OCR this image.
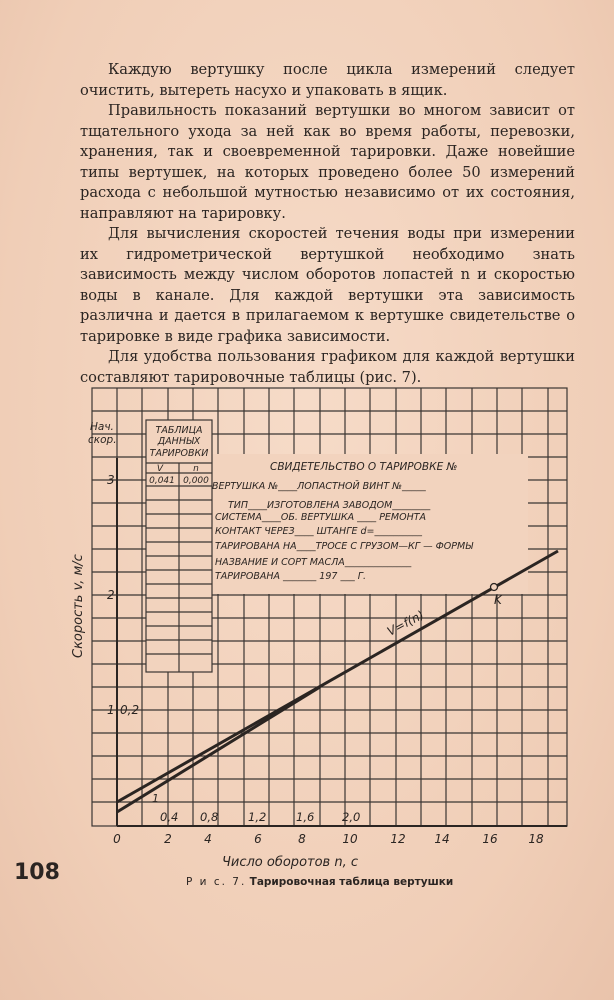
Каждую вертушку после цикла измерений следует очистить, вытереть насухо и упаковать в ящик.

Правильность показаний вертушки во многом зависит от тщательного ухода за ней как во время работы, перевозки, хранения, так и своевременной тарировки. Даже новейшие типы вертушек, на которых проведено более 50 измерений расхода с небольшой мутностью независимо от их состояния, направляют на тарировку.

Для вычисления скоростей течения воды при измерении их гидрометрической вертушкой необходимо знать зависимость между числом оборотов лопастей n и скоростью воды в канале. Для каждой вертушки эта зависимость различна и дается в прилагаемом к вертушке свидетельстве о тарировке в виде графика зависимости.

Для удобства пользования графиком для каждой вертушки составляют тарировочные таблицы (рис. 7).

ТАБЛИЦА
ДАННЫХ
ТАРИРОВКИ
V	n
0,041 0,000
Нач.
скор.
СВИДЕТЕЛЬСТВО О ТАРИРОВКЕ №
ВЕРТУШКА №____ЛОПАСТНОЙ ВИНТ №_____
ТИП____ИЗГОТОВЛЕНА ЗАВОДОМ________
СИСТЕМА____ОБ. ВЕРТУШКА ____ РЕМОНТА
КОНТАКТ ЧЕРЕЗ____ ШТАНГЕ d=__________
ТАРИРОВАНА НА____ТРОСЕ С ГРУЗОМ—КГ — ФОРМЫ
НАЗВАНИЕ И СОРТ МАСЛА______________
ТАРИРОВАНА _______ 197 ___ Г.
K
V=f(n)
1
3
2
1 0,2
Скорость v, м/с
0,4 0,8	1,2	1,6 2,0
0	2	4	6	8	10	12 14	16	18
Число оборотов n, с
108	Р и с. 7. Тарировочная таблица вертушки
